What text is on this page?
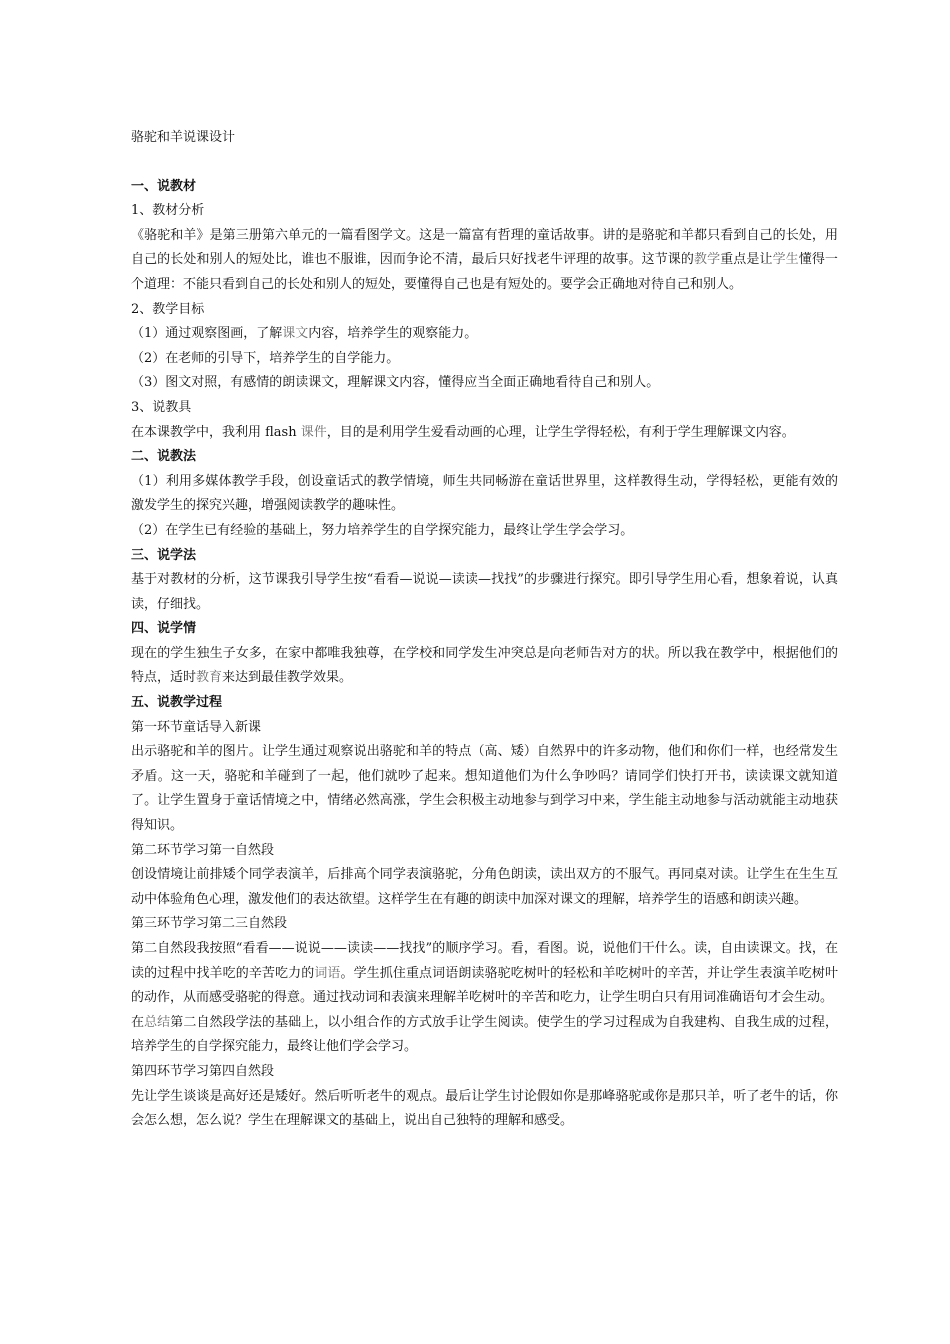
骆驼和羊说课设计

一、说教材

1、教材分析

《骆驼和羊》是第三册第六单元的一篇看图学文。这是一篇富有哲理的童话故事。讲的是骆驼和羊都只看到自己的长处，用自己的长处和别人的短处比，谁也不服谁，因而争论不清，最后只好找老牛评理的故事。这节课的教学重点是让学生懂得一个道理：不能只看到自己的长处和别人的短处，要懂得自己也是有短处的。要学会正确地对待自己和别人。

2、教学目标

（1）通过观察图画，了解课文内容，培养学生的观察能力。

（2）在老师的引导下，培养学生的自学能力。

（3）图文对照，有感情的朗读课文，理解课文内容，懂得应当全面正确地看待自己和别人。

3、说教具

在本课教学中，我利用 flash 课件，目的是利用学生爱看动画的心理，让学生学得轻松，有利于学生理解课文内容。

二、说教法

（1）利用多媒体教学手段，创设童话式的教学情境，师生共同畅游在童话世界里，这样教得生动，学得轻松，更能有效的激发学生的探究兴趣，增强阅读教学的趣味性。

（2）在学生已有经验的基础上，努力培养学生的自学探究能力，最终让学生学会学习。

三、说学法

基于对教材的分析，这节课我引导学生按“看看—说说—读读—找找”的步骤进行探究。即引导学生用心看，想象着说，认真读，仔细找。

四、说学情

现在的学生独生子女多，在家中都唯我独尊，在学校和同学发生冲突总是向老师告对方的状。所以我在教学中，根据他们的特点，适时教育来达到最佳教学效果。

五、说教学过程

第一环节童话导入新课

出示骆驼和羊的图片。让学生通过观察说出骆驼和羊的特点（高、矮）自然界中的许多动物，他们和你们一样，也经常发生矛盾。这一天，骆驼和羊碰到了一起，他们就吵了起来。想知道他们为什么争吵吗？请同学们快打开书，读读课文就知道了。让学生置身于童话情境之中，情绪必然高涨，学生会积极主动地参与到学习中来，学生能主动地参与活动就能主动地获得知识。

第二环节学习第一自然段

创设情境让前排矮个同学表演羊，后排高个同学表演骆驼，分角色朗读，读出双方的不服气。再同桌对读。让学生在生生互动中体验角色心理，激发他们的表达欲望。这样学生在有趣的朗读中加深对课文的理解，培养学生的语感和朗读兴趣。

第三环节学习第二三自然段

第二自然段我按照“看看——说说——读读——找找”的顺序学习。看，看图。说，说他们干什么。读，自由读课文。找，在读的过程中找羊吃的辛苦吃力的词语。学生抓住重点词语朗读骆驼吃树叶的轻松和羊吃树叶的辛苦，并让学生表演羊吃树叶的动作，从而感受骆驼的得意。通过找动词和表演来理解羊吃树叶的辛苦和吃力，让学生明白只有用词准确语句才会生动。

在总结第二自然段学法的基础上，以小组合作的方式放手让学生阅读。使学生的学习过程成为自我建构、自我生成的过程，培养学生的自学探究能力，最终让他们学会学习。

第四环节学习第四自然段

先让学生谈谈是高好还是矮好。然后听听老牛的观点。最后让学生讨论假如你是那峰骆驼或你是那只羊，听了老牛的话，你会怎么想，怎么说？学生在理解课文的基础上，说出自己独特的理解和感受。
